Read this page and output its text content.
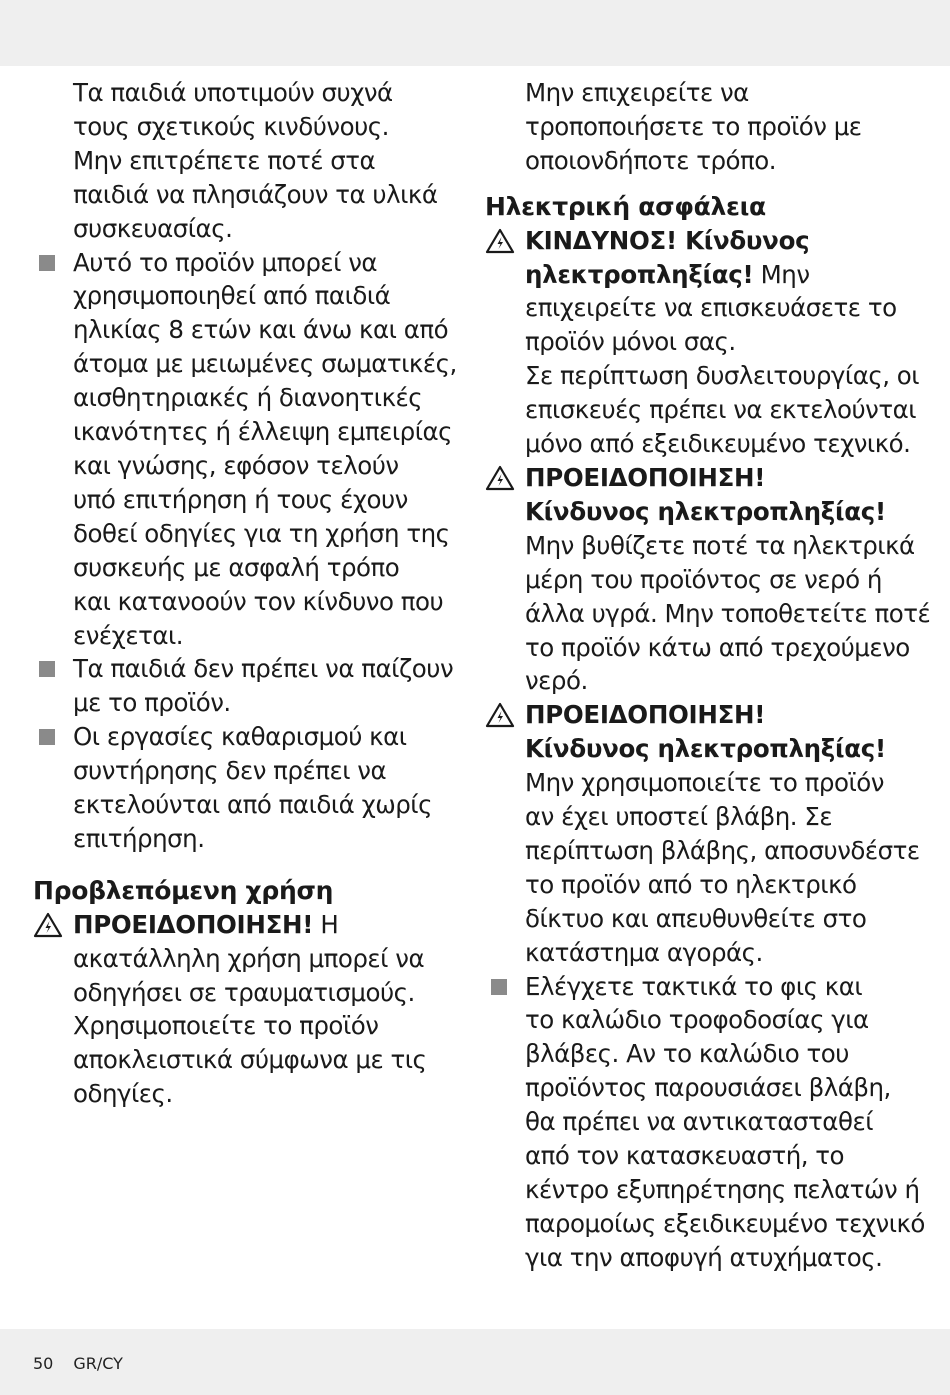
Τα παιδιά υποτιμούν συχνά
τους σχετικούς κινδύνους.
Μην επιτρέπετε ποτέ στα
παιδιά να πλησιάζουν τα υλικά
συσκευασίας.
Αυτό το προϊόν μπορεί να
χρησιμοποιηθεί από παιδιά
ηλικίας 8 ετών και άνω και από
άτομα με μειωμένες σωματικές,
αισθητηριακές ή διανοητικές
ικανότητες ή έλλειψη εμπειρίας
και γνώσης, εφόσον τελούν
υπό επιτήρηση ή τους έχουν
δοθεί οδηγίες για τη χρήση της
συσκευής με ασφαλή τρόπο
και κατανοούν τον κίνδυνο που
ενέχεται.
Τα παιδιά δεν πρέπει να παίζουν
με το προϊόν.
Οι εργασίες καθαρισμού και
συντήρησης δεν πρέπει να
εκτελούνται από παιδιά χωρίς
επιτήρηση.
Προβλεπόμενη χρήση
ΠΡΟΕΙΔΟΠΟΙΗΣΗ! Η
ακατάλληλη χρήση μπορεί να
οδηγήσει σε τραυματισμούς.
Χρησιμοποιείτε το προϊόν
αποκλειστικά σύμφωνα με τις
οδηγίες.
Μην επιχειρείτε να
τροποποιήσετε το προϊόν με
οποιονδήποτε τρόπο.
Ηλεκτρική ασφάλεια
ΚΙΝΔΥΝΟΣ! Κίνδυνος
ηλεκτροπληξίας! Μην
επιχειρείτε να επισκευάσετε το
προϊόν μόνοι σας.
Σε περίπτωση δυσλειτουργίας, οι
επισκευές πρέπει να εκτελούνται
μόνο από εξειδικευμένο τεχνικό.
ΠΡΟΕΙΔΟΠΟΙΗΣΗ!
Κίνδυνος ηλεκτροπληξίας!
Μην βυθίζετε ποτέ τα ηλεκτρικά
μέρη του προϊόντος σε νερό ή
άλλα υγρά. Μην τοποθετείτε ποτέ
το προϊόν κάτω από τρεχούμενο
νερό.
ΠΡΟΕΙΔΟΠΟΙΗΣΗ!
Κίνδυνος ηλεκτροπληξίας!
Μην χρησιμοποιείτε το προϊόν
αν έχει υποστεί βλάβη. Σε
περίπτωση βλάβης, αποσυνδέστε
το προϊόν από το ηλεκτρικό
δίκτυο και απευθυνθείτε στο
κατάστημα αγοράς.
Ελέγχετε τακτικά το φις και
το καλώδιο τροφοδοσίας για
βλάβες. Αν το καλώδιο του
προϊόντος παρουσιάσει βλάβη,
θα πρέπει να αντικατασταθεί
από τον κατασκευαστή, το
κέντρο εξυπηρέτησης πελατών ή
παρομοίως εξειδικευμένο τεχνικό
για την αποφυγή ατυχήματος.
50 GR/CY
